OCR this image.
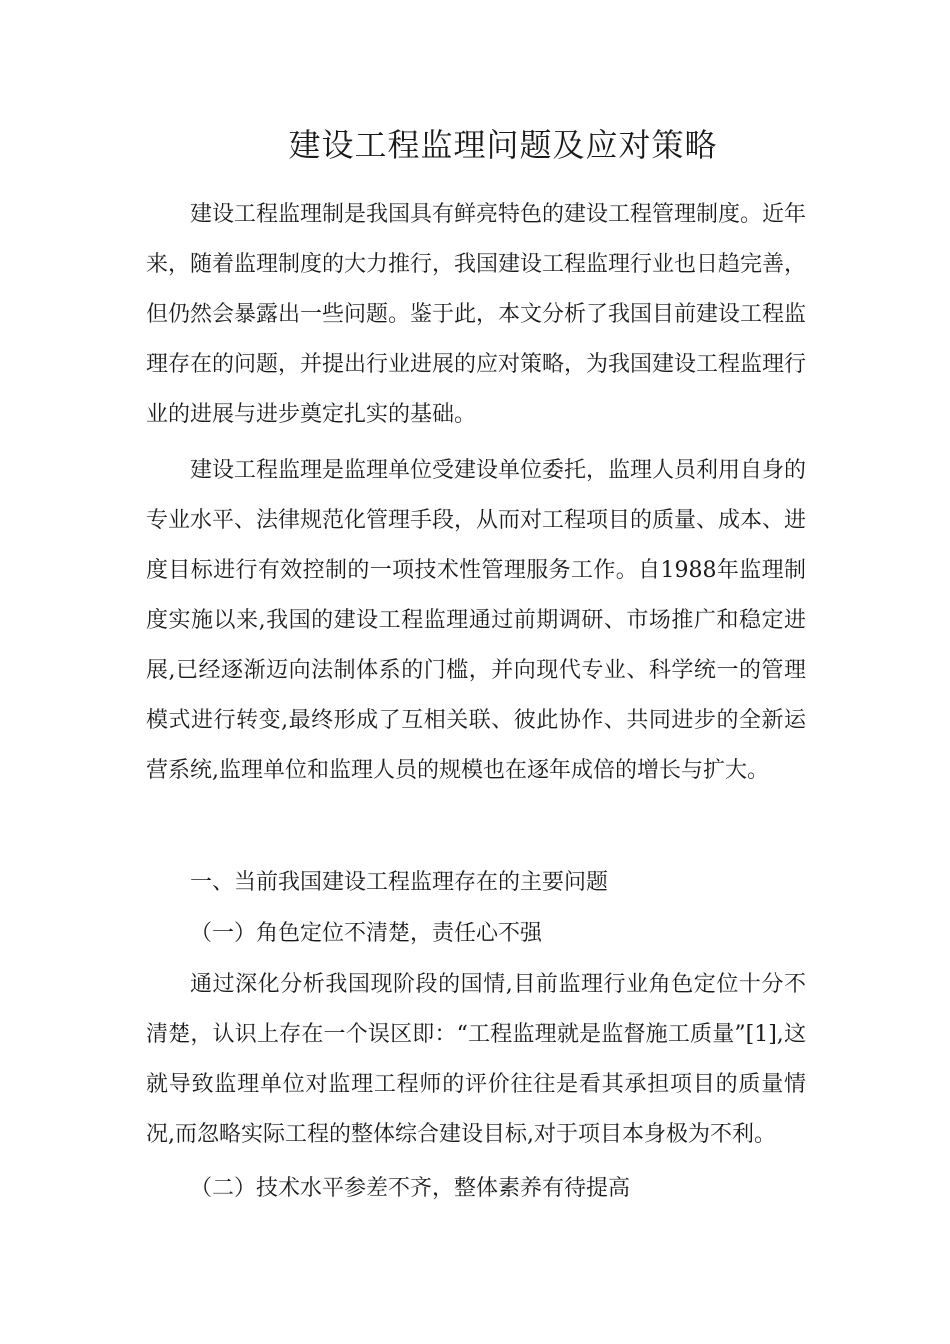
建设工程监理问题及应对策略

建设工程监理制是我国具有鲜亮特色的建设工程管理制度。近年来，随着监理制度的大力推行，我国建设工程监理行业也日趋完善，但仍然会暴露出一些问题。鉴于此，本文分析了我国目前建设工程监理存在的问题，并提出行业进展的应对策略，为我国建设工程监理行业的进展与进步奠定扎实的基础。

建设工程监理是监理单位受建设单位委托，监理人员利用自身的专业水平、法律规范化管理手段，从而对工程项目的质量、成本、进度目标进行有效控制的一项技术性管理服务工作。自1988年监理制度实施以来,我国的建设工程监理通过前期调研、市场推广和稳定进展,已经逐渐迈向法制体系的门槛，并向现代专业、科学统一的管理模式进行转变,最终形成了互相关联、彼此协作、共同进步的全新运营系统,监理单位和监理人员的规模也在逐年成倍的增长与扩大。

一、当前我国建设工程监理存在的主要问题

（一）角色定位不清楚，责任心不强

通过深化分析我国现阶段的国情,目前监理行业角色定位十分不清楚，认识上存在一个误区即：“工程监理就是监督施工质量”[1],这就导致监理单位对监理工程师的评价往往是看其承担项目的质量情况,而忽略实际工程的整体综合建设目标,对于项目本身极为不利。

（二）技术水平参差不齐，整体素养有待提高
